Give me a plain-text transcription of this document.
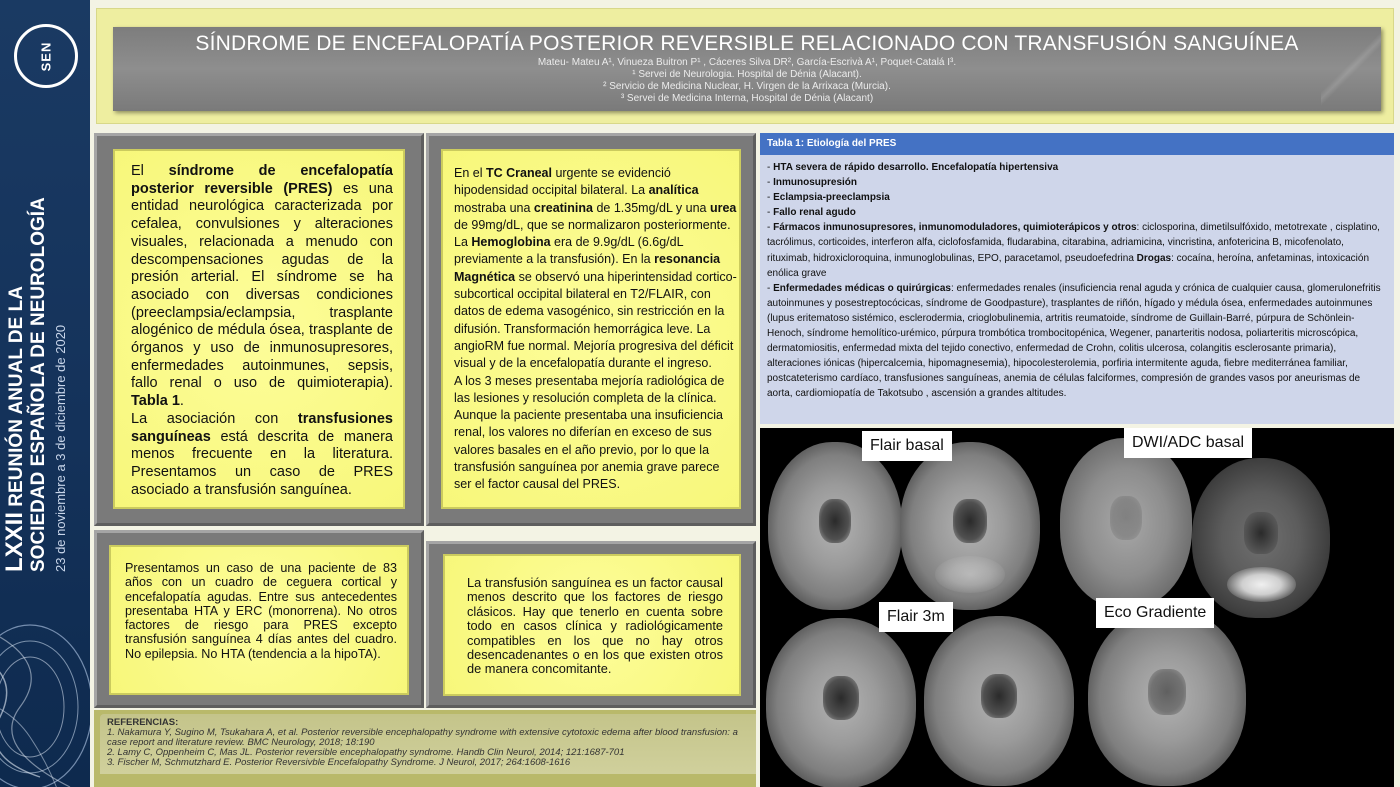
SEN
LXXII REUNIÓN ANUAL DE LA SOCIEDAD ESPAÑOLA DE NEUROLOGÍA 23 de noviembre a 3 de diciembre de 2020
SÍNDROME DE ENCEFALOPATÍA POSTERIOR REVERSIBLE RELACIONADO CON TRANSFUSIÓN SANGUÍNEA
Mateu- Mateu A¹, Vinueza Buitron P¹ , Cáceres Silva DR², García-Escrivà A¹, Poquet-Catalá I³.
¹ Servei de Neurologia. Hospital de Dénia (Alacant).
² Servicio de Medicina Nuclear, H. Virgen de la Arrixaca (Murcia).
³ Servei de Medicina Interna, Hospital de Dénia (Alacant)
El síndrome de encefalopatía posterior reversible (PRES) es una entidad neurológica caracterizada por cefalea, convulsiones y alteraciones visuales, relacionada a menudo con descompensaciones agudas de la presión arterial. El síndrome se ha asociado con diversas condiciones (preeclampsia/eclampsia, trasplante alogénico de médula ósea, trasplante de órganos y uso de inmunosupresores, enfermedades autoinmunes, sepsis, fallo renal o uso de quimioterapia). Tabla 1.
La asociación con transfusiones sanguíneas está descrita de manera menos frecuente en la literatura. Presentamos un caso de PRES asociado a transfusión sanguínea.
En el TC Craneal urgente se evidenció hipodensidad occipital bilateral. La analítica mostraba una creatinina de 1.35mg/dL y una urea de 99mg/dL, que se normalizaron posteriormente. La Hemoglobina era de 9.9g/dL (6.6g/dL previamente a la transfusión). En la resonancia Magnética se observó una hiperintensidad cortico-subcortical occipital bilateral en T2/FLAIR, con datos de edema vasogénico, sin restricción en la difusión. Transformación hemorrágica leve. La angioRM fue normal. Mejoría progresiva del déficit visual y de la encefalopatía durante el ingreso.
A los 3 meses presentaba mejoría radiológica de las lesiones y resolución completa de la clínica. Aunque la paciente presentaba una insuficiencia renal, los valores no diferían en exceso de sus valores basales en el año previo, por lo que la transfusión sanguínea por anemia grave parece ser el factor causal del PRES.
Presentamos un caso de una paciente de 83 años con un cuadro de ceguera cortical y encefalopatía agudas. Entre sus antecedentes presentaba HTA y ERC (monorrena). No otros factores de riesgo para PRES excepto transfusión sanguínea 4 días antes del cuadro. No epilepsia. No HTA (tendencia a la hipoTA).
La transfusión sanguínea es un factor causal menos descrito que los factores de riesgo clásicos. Hay que tenerlo en cuenta sobre todo en casos clínica y radiológicamente compatibles en los que no hay otros desencadenantes o en los que existen otros de manera concomitante.
Tabla 1: Etiología del PRES
- HTA severa de rápido desarrollo. Encefalopatía hipertensiva
- Inmunosupresión
- Eclampsia-preeclampsia
- Fallo renal agudo
- Fármacos inmunosupresores, inmunomoduladores, quimioterápicos y otros: ciclosporina, dimetilsulfóxido, metotrexate , cisplatino, tacrólimus, corticoides, interferon alfa, ciclofosfamida, fludarabina, citarabina, adriamicina, vincristina, anfotericina B, micofenolato, rituximab, hidroxicloroquina, inmunoglobulinas, EPO, paracetamol, pseudoefedrina Drogas: cocaína, heroína, anfetaminas, intoxicación enólica grave
- Enfermedades médicas o quirúrgicas: enfermedades renales (insuficiencia renal aguda y crónica de cualquier causa, glomerulonefritis autoinmunes y posestreptocócicas, síndrome de Goodpasture), trasplantes de riñón, hígado y médula ósea, enfermedades autoinmunes (lupus eritematoso sistémico, esclerodermia, crioglobulinemia, artritis reumatoide, síndrome de Guillain-Barré, púrpura de Schönlein-Henoch, síndrome hemolítico-urémico, púrpura trombótica trombocitopénica, Wegener, panarteritis nodosa, poliarteritis microscópica, dermatomiositis, enfermedad mixta del tejido conectivo, enfermedad de Crohn, colitis ulcerosa, colangitis esclerosante primaria), alteraciones iónicas (hipercalcemia, hipomagnesemia), hipocolesterolemia, porfiria intermitente aguda, fiebre mediterránea familiar, postcateterismo cardíaco, transfusiones sanguíneas, anemia de células falciformes, compresión de grandes vasos por aneurismas de aorta, cardiomiopatía de Takotsubo , ascensión a grandes altitudes.
Flair basal	DWI/ADC basal
Flair 3m	Eco Gradiente
REFERENCIAS:
1. Nakamura Y, Sugino M, Tsukahara A, et al. Posterior reversible encephalopathy syndrome with extensive cytotoxic edema after blood transfusion: a case report and literature review. BMC Neurology, 2018; 18:190
2. Lamy C, Oppenheim C, Mas JL. Posterior reversible encephalopathy syndrome. Handb Clin Neurol, 2014; 121:1687-701
3. Fischer M, Schmutzhard E. Posterior Reversivble Encefalopathy Syndrome. J Neurol, 2017; 264:1608-1616
